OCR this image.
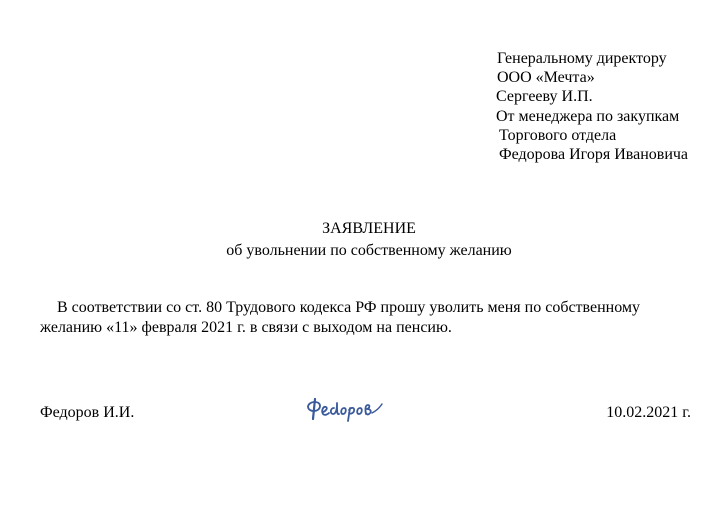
Генеральному директору
ООО «Мечта»
Сергееву И.П.
От менеджера по закупкам
Торгового отдела
Федорова Игоря Ивановича
ЗАЯВЛЕНИЕ
об увольнении по собственному желанию
В соответствии со ст. 80 Трудового кодекса РФ прошу уволить меня по собственному желанию «11» февраля 2021 г. в связи с выходом на пенсию.
Федоров И.И.	10.02.2021 г.
